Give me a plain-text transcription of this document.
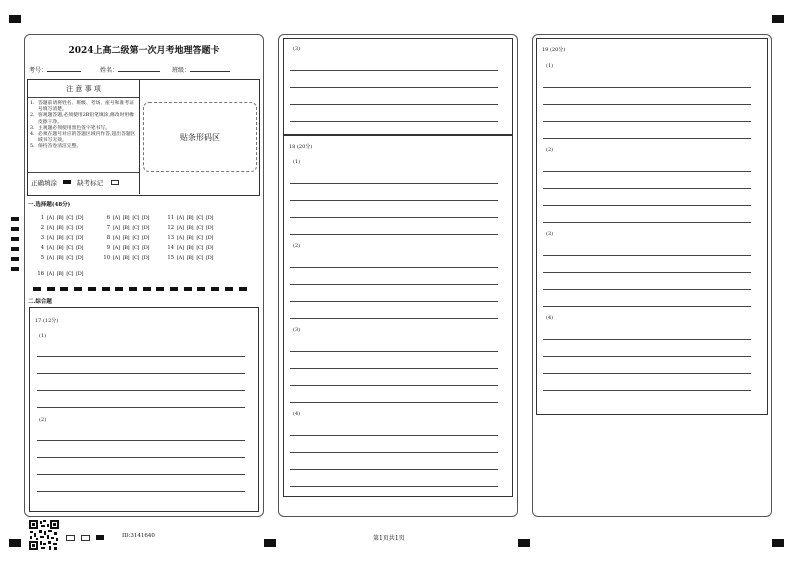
2024上高二级第一次月考地理答题卡
考号：	姓名：	班级：
注 意 事 项
1. 答题前请将姓名、班级、考场、座号和准考证号填写清楚。
2. 客观题答题,必须使用2B铅笔填涂,修改时用橡皮擦干净。
3. 主观题必须使用黑色签字笔书写。
4. 必须在题号对应的答题区域内作答,超出答题区域书写无效。
5. 保持答卷清洁完整。
正确填涂	缺考标记
贴条形码区
一.选择题(48分)
1 [A] [B] [C] [D]
2 [A] [B] [C] [D]
3 [A] [B] [C] [D]
4 [A] [B] [C] [D]
5 [A] [B] [C] [D]
6 [A] [B] [C] [D]
7 [A] [B] [C] [D]
8 [A] [B] [C] [D]
9 [A] [B] [C] [D]
10 [A] [B] [C] [D]
11 [A] [B] [C] [D]
12 [A] [B] [C] [D]
13 [A] [B] [C] [D]
14 [A] [B] [C] [D]
15 [A] [B] [C] [D]
16 [A] [B] [C] [D]
二.综合题
17 (12分)
(1)
(2)
(3)
18 (20分)
(1)
(2)
(3)
(4)
19 (20分)
(1)
(2)
(3)
(4)
ID:3141640	第1页共1页
